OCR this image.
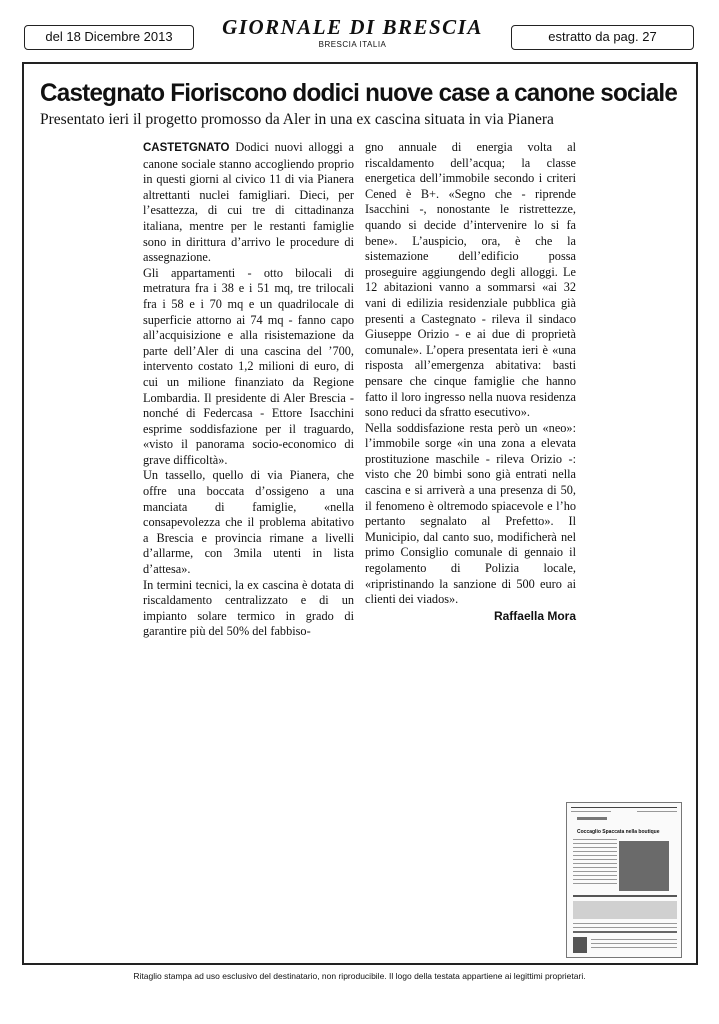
del 18 Dicembre 2013	GIORNALE DI BRESCIA
BRESCIA ITALIA
estratto da pag. 27
Castegnato Fioriscono dodici nuove case a canone sociale
Presentato ieri il progetto promosso da Aler in una ex cascina situata in via Pianera

CASTETGNATO Dodici nuovi alloggi a canone sociale stanno accogliendo proprio in questi giorni al civico 11 di via Pianera altrettanti nuclei famigliari. Dieci, per l’esattezza, di cui tre di cittadinanza italiana, mentre per le restanti famiglie sono in dirittura d’arrivo le procedure di assegnazione.

Gli appartamenti - otto bilocali di metratura fra i 38 e i 51 mq, tre trilocali fra i 58 e i 70 mq e un quadrilocale di superficie attorno ai 74 mq - fanno capo all’acquisizione e alla risistemazione da parte dell’Aler di una cascina del ’700, intervento costato 1,2 milioni di euro, di cui un milione finanziato da Regione Lombardia. Il presidente di Aler Brescia - nonché di Federcasa - Ettore Isacchini esprime soddisfazione per il traguardo, «visto il panorama socio-economico di grave difficoltà».

Un tassello, quello di via Pianera, che offre una boccata d’ossigeno a una manciata di famiglie, «nella consapevolezza che il problema abitativo a Brescia e provincia rimane a livelli d’allarme, con 3mila utenti in lista d’attesa».

In termini tecnici, la ex cascina è dotata di riscaldamento centralizzato e di un impianto solare termico in grado di garantire più del 50% del fabbiso-

gno annuale di energia volta al riscaldamento dell’acqua; la classe energetica dell’immobile secondo i criteri Cened è B+. «Segno che - riprende Isacchini -, nonostante le ristrettezze, quando si decide d’intervenire lo si fa bene». L’auspicio, ora, è che la sistemazione dell’edificio possa proseguire aggiungendo degli alloggi. Le 12 abitazioni vanno a sommarsi «ai 32 vani di edilizia residenziale pubblica già presenti a Castegnato - rileva il sindaco Giuseppe Orizio - e ai due di proprietà comunale». L’opera presentata ieri è «una risposta all’emergenza abitativa: basti pensare che cinque famiglie che hanno fatto il loro ingresso nella nuova residenza sono reduci da sfratto esecutivo».

Nella soddisfazione resta però un «neo»: l’immobile sorge «in una zona a elevata prostituzione maschile - rileva Orizio -: visto che 20 bimbi sono già entrati nella cascina e si arriverà a una presenza di 50, il fenomeno è oltremodo spiacevole e l’ho pertanto segnalato al Prefetto». Il Municipio, dal canto suo, modificherà nel primo Consiglio comunale di gennaio il regolamento di Polizia locale, «ripristinando la sanzione di 500 euro ai clienti dei viados».

Raffaella Mora
Coccaglio Spaccata nella boutique
Ritaglio stampa ad uso esclusivo del destinatario, non riproducibile. Il logo della testata appartiene ai legittimi proprietari.
